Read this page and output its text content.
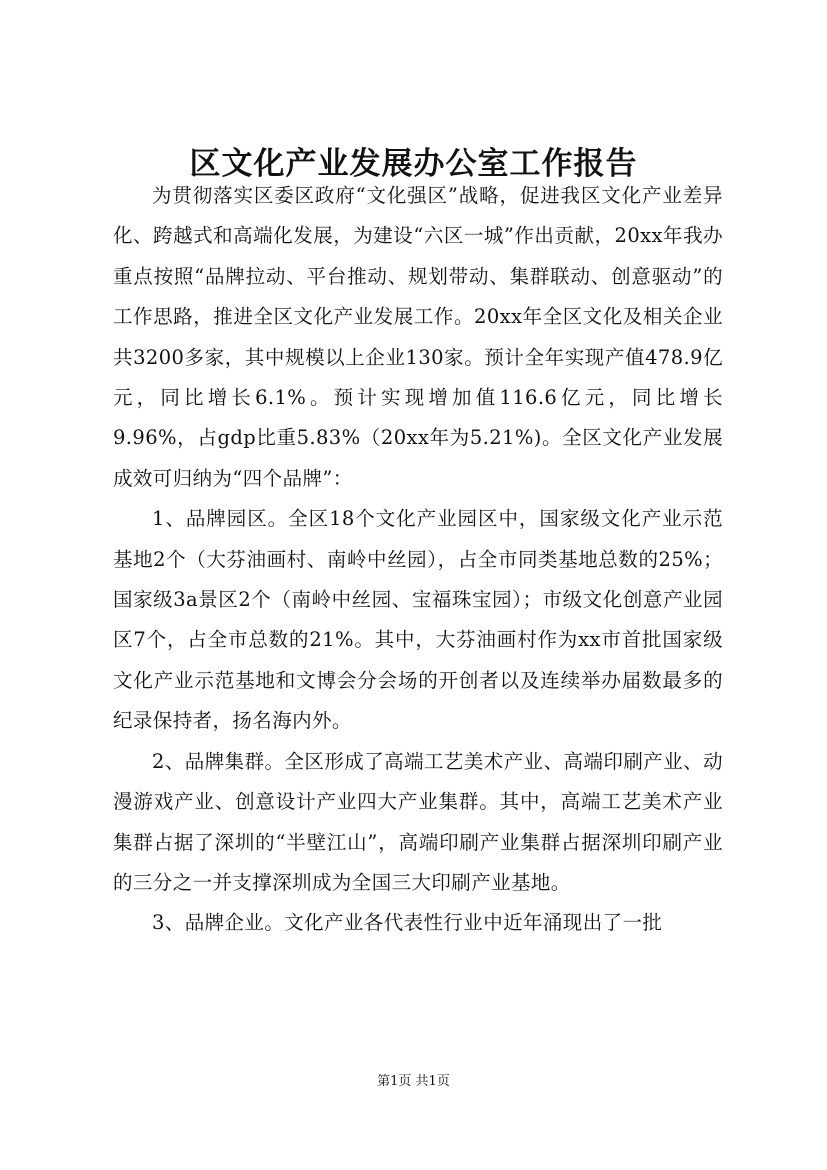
区文化产业发展办公室工作报告

为贯彻落实区委区政府“文化强区”战略，促进我区文化产业差异化、跨越式和高端化发展，为建设“六区一城”作出贡献，20xx年我办重点按照“品牌拉动、平台推动、规划带动、集群联动、创意驱动”的工作思路，推进全区文化产业发展工作。20xx年全区文化及相关企业共3200多家，其中规模以上企业130家。预计全年实现产值478.9亿元，同比增长6.1%。预计实现增加值116.6亿元，同比增长9.96%，占gdp比重5.83%（20xx年为5.21%)。全区文化产业发展成效可归纳为“四个品牌”：

1、品牌园区。全区18个文化产业园区中，国家级文化产业示范基地2个（大芬油画村、南岭中丝园），占全市同类基地总数的25%；国家级3a景区2个（南岭中丝园、宝福珠宝园）；市级文化创意产业园区7个，占全市总数的21%。其中，大芬油画村作为xx市首批国家级文化产业示范基地和文博会分会场的开创者以及连续举办届数最多的纪录保持者，扬名海内外。

2、品牌集群。全区形成了高端工艺美术产业、高端印刷产业、动漫游戏产业、创意设计产业四大产业集群。其中，高端工艺美术产业集群占据了深圳的“半壁江山”，高端印刷产业集群占据深圳印刷产业的三分之一并支撑深圳成为全国三大印刷产业基地。

3、品牌企业。文化产业各代表性行业中近年涌现出了一批

第1页 共1页
